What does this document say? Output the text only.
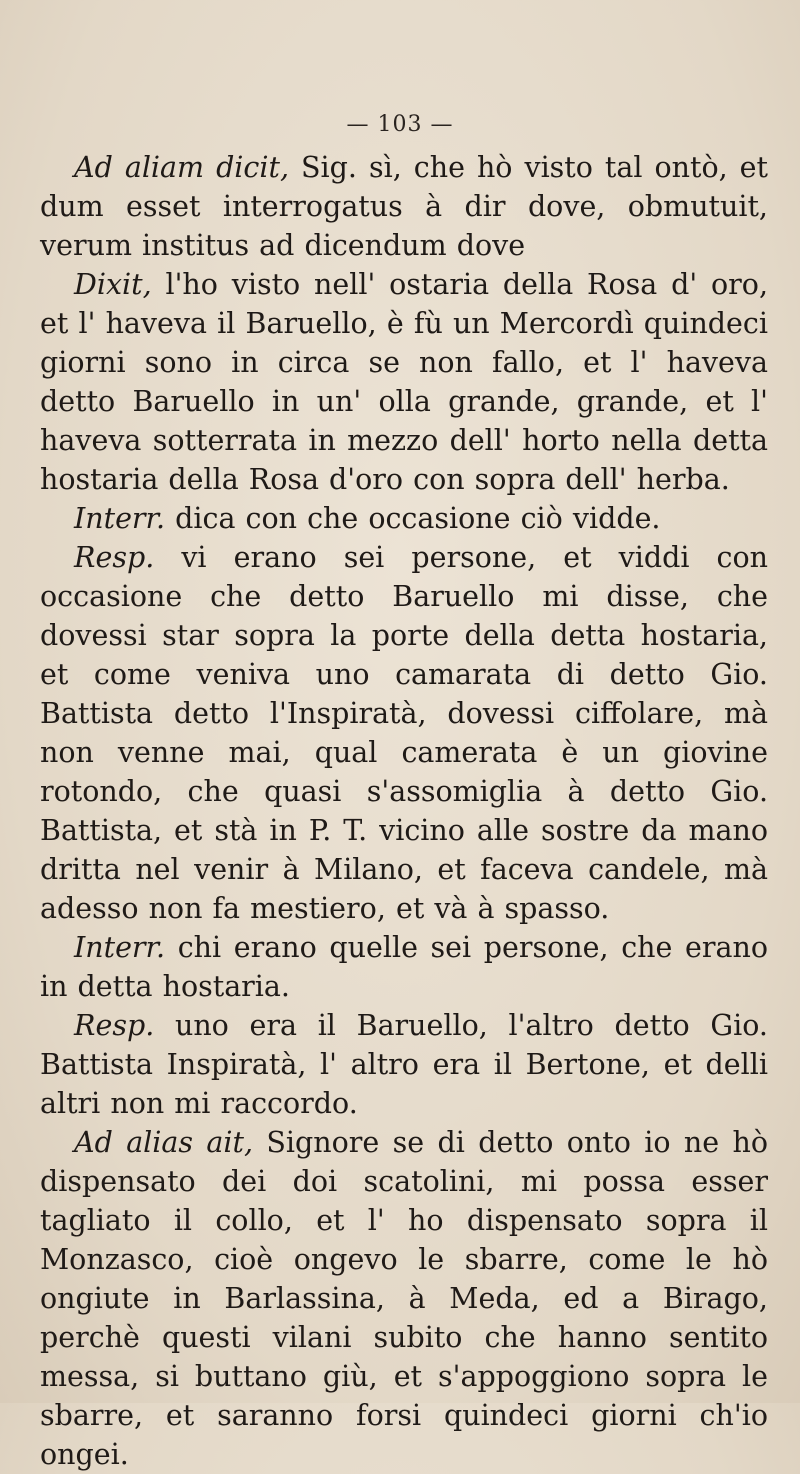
— 103 —

Ad aliam dicit, Sig. sì, che hò visto tal ontò, et dum esset interrogatus à dir dove, obmutuit, verum institus ad dicendum dove

Dixit, l'ho visto nell' ostaria della Rosa d' oro, et l' haveva il Baruello, è fù un Mercordì quindeci giorni sono in circa se non fallo, et l' haveva detto Baruello in un' olla grande, grande, et l' haveva sotterrata in mezzo dell' horto nella detta hostaria della Rosa d'oro con sopra dell' herba.

Interr. dica con che occasione ciò vidde.

Resp. vi erano sei persone, et viddi con occasione che detto Baruello mi disse, che dovessi star sopra la porte della detta hostaria, et come veniva uno camarata di detto Gio. Battista detto l'Inspiratà, dovessi ciffolare, mà non venne mai, qual camerata è un giovine rotondo, che quasi s'assomiglia à detto Gio. Battista, et stà in P. T. vicino alle sostre da mano dritta nel venir à Milano, et faceva candele, mà adesso non fa mestiero, et và à spasso.

Interr. chi erano quelle sei persone, che erano in detta hostaria.

Resp. uno era il Baruello, l'altro detto Gio. Battista Inspiratà, l' altro era il Bertone, et delli altri non mi raccordo.

Ad alias ait, Signore se di detto onto io ne hò dispensato dei doi scatolini, mi possa esser tagliato il collo, et l' ho dispensato sopra il Monzasco, cioè ongevo le sbarre, come le hò ongiute in Barlassina, à Meda, ed a Birago, perchè questi vilani subito che hanno sentito messa, si buttano giù, et s'appoggiono sopra le sbarre, et saranno forsi quindeci giorni ch'io ongei.
